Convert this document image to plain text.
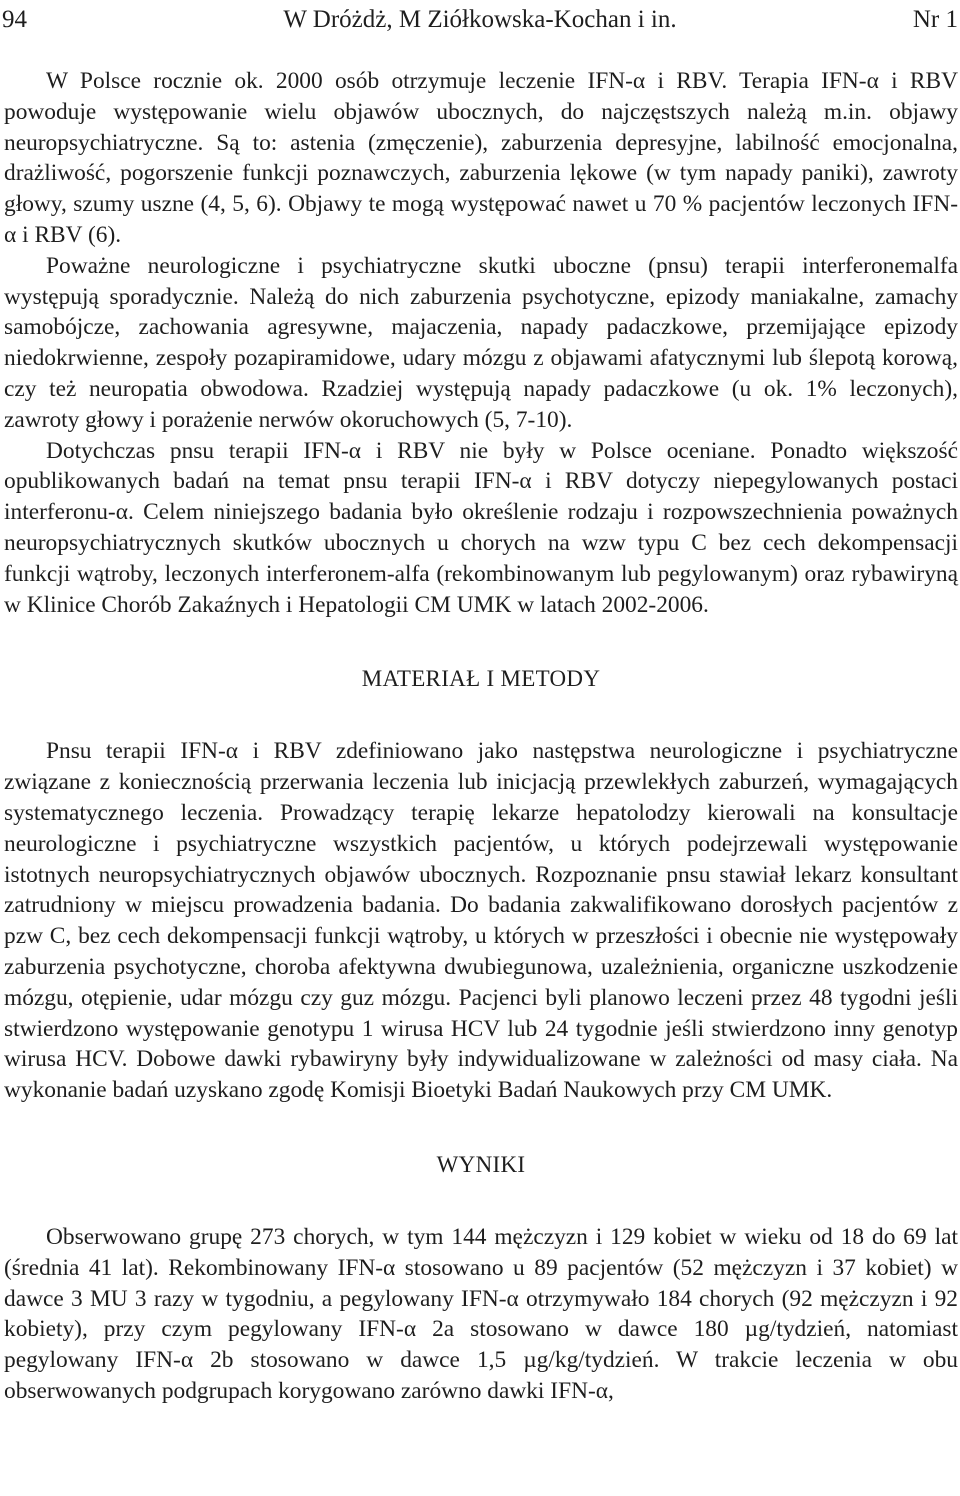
94	W Dróżdż, M Ziółkowska-Kochan i in.	Nr 1

W Polsce rocznie ok. 2000 osób otrzymuje leczenie IFN-α i RBV. Terapia IFN-α i RBV powoduje występowanie wielu objawów ubocznych, do najczęstszych należą m.in. objawy neuropsychiatryczne. Są to: astenia (zmęczenie), zaburzenia depresyjne, labilność emocjonalna, drażliwość, pogorszenie funkcji poznawczych, zaburzenia lękowe (w tym napady paniki), zawroty głowy, szumy uszne (4, 5, 6). Objawy te mogą występować nawet u 70 % pacjentów leczonych IFN-α i RBV (6).

Poważne neurologiczne i psychiatryczne skutki uboczne (pnsu) terapii interferonemalfa występują sporadycznie. Należą do nich zaburzenia psychotyczne, epizody maniakalne, zamachy samobójcze, zachowania agresywne, majaczenia, napady padaczkowe, przemijające epizody niedokrwienne, zespoły pozapiramidowe, udary mózgu z objawami afatycznymi lub ślepotą korową, czy też neuropatia obwodowa. Rzadziej występują napady padaczkowe (u ok. 1% leczonych), zawroty głowy i porażenie nerwów okoruchowych (5, 7-10).

Dotychczas pnsu terapii IFN-α i RBV nie były w Polsce oceniane. Ponadto większość opublikowanych badań na temat pnsu terapii IFN-α i RBV dotyczy niepegylowanych postaci interferonu-α. Celem niniejszego badania było określenie rodzaju i rozpowszechnienia poważnych neuropsychiatrycznych skutków ubocznych u chorych na wzw typu C bez cech dekompensacji funkcji wątroby, leczonych interferonem-alfa (rekombinowanym lub pegylowanym) oraz rybawiryną w Klinice Chorób Zakaźnych i Hepatologii CM UMK w latach 2002-2006.

MATERIAŁ I METODY

Pnsu terapii IFN-α i RBV zdefiniowano jako następstwa neurologiczne i psychiatryczne związane z koniecznością przerwania leczenia lub inicjacją przewlekłych zaburzeń, wymagających systematycznego leczenia. Prowadzący terapię lekarze hepatolodzy kierowali na konsultacje neurologiczne i psychiatryczne wszystkich pacjentów, u których podejrzewali występowanie istotnych neuropsychiatrycznych objawów ubocznych. Rozpoznanie pnsu stawiał lekarz konsultant zatrudniony w miejscu prowadzenia badania. Do badania zakwalifikowano dorosłych pacjentów z pzw C, bez cech dekompensacji funkcji wątroby, u których w przeszłości i obecnie nie występowały zaburzenia psychotyczne, choroba afektywna dwubiegunowa, uzależnienia, organiczne uszkodzenie mózgu, otępienie, udar mózgu czy guz mózgu. Pacjenci byli planowo leczeni przez 48 tygodni jeśli stwierdzono występowanie genotypu 1 wirusa HCV lub 24 tygodnie jeśli stwierdzono inny genotyp wirusa HCV. Dobowe dawki rybawiryny były indywidualizowane w zależności od masy ciała. Na wykonanie badań uzyskano zgodę Komisji Bioetyki Badań Naukowych przy CM UMK.

WYNIKI

Obserwowano grupę 273 chorych, w tym 144 mężczyzn i 129 kobiet w wieku od 18 do 69 lat (średnia 41 lat). Rekombinowany IFN-α stosowano u 89 pacjentów (52 mężczyzn i 37 kobiet) w dawce 3 MU 3 razy w tygodniu, a pegylowany IFN-α otrzymywało 184 chorych (92 mężczyzn i 92 kobiety), przy czym pegylowany IFN-α 2a stosowano w dawce 180 µg/tydzień, natomiast pegylowany IFN-α 2b stosowano w dawce 1,5 µg/kg/tydzień. W trakcie leczenia w obu obserwowanych podgrupach korygowano zarówno dawki IFN-α,
